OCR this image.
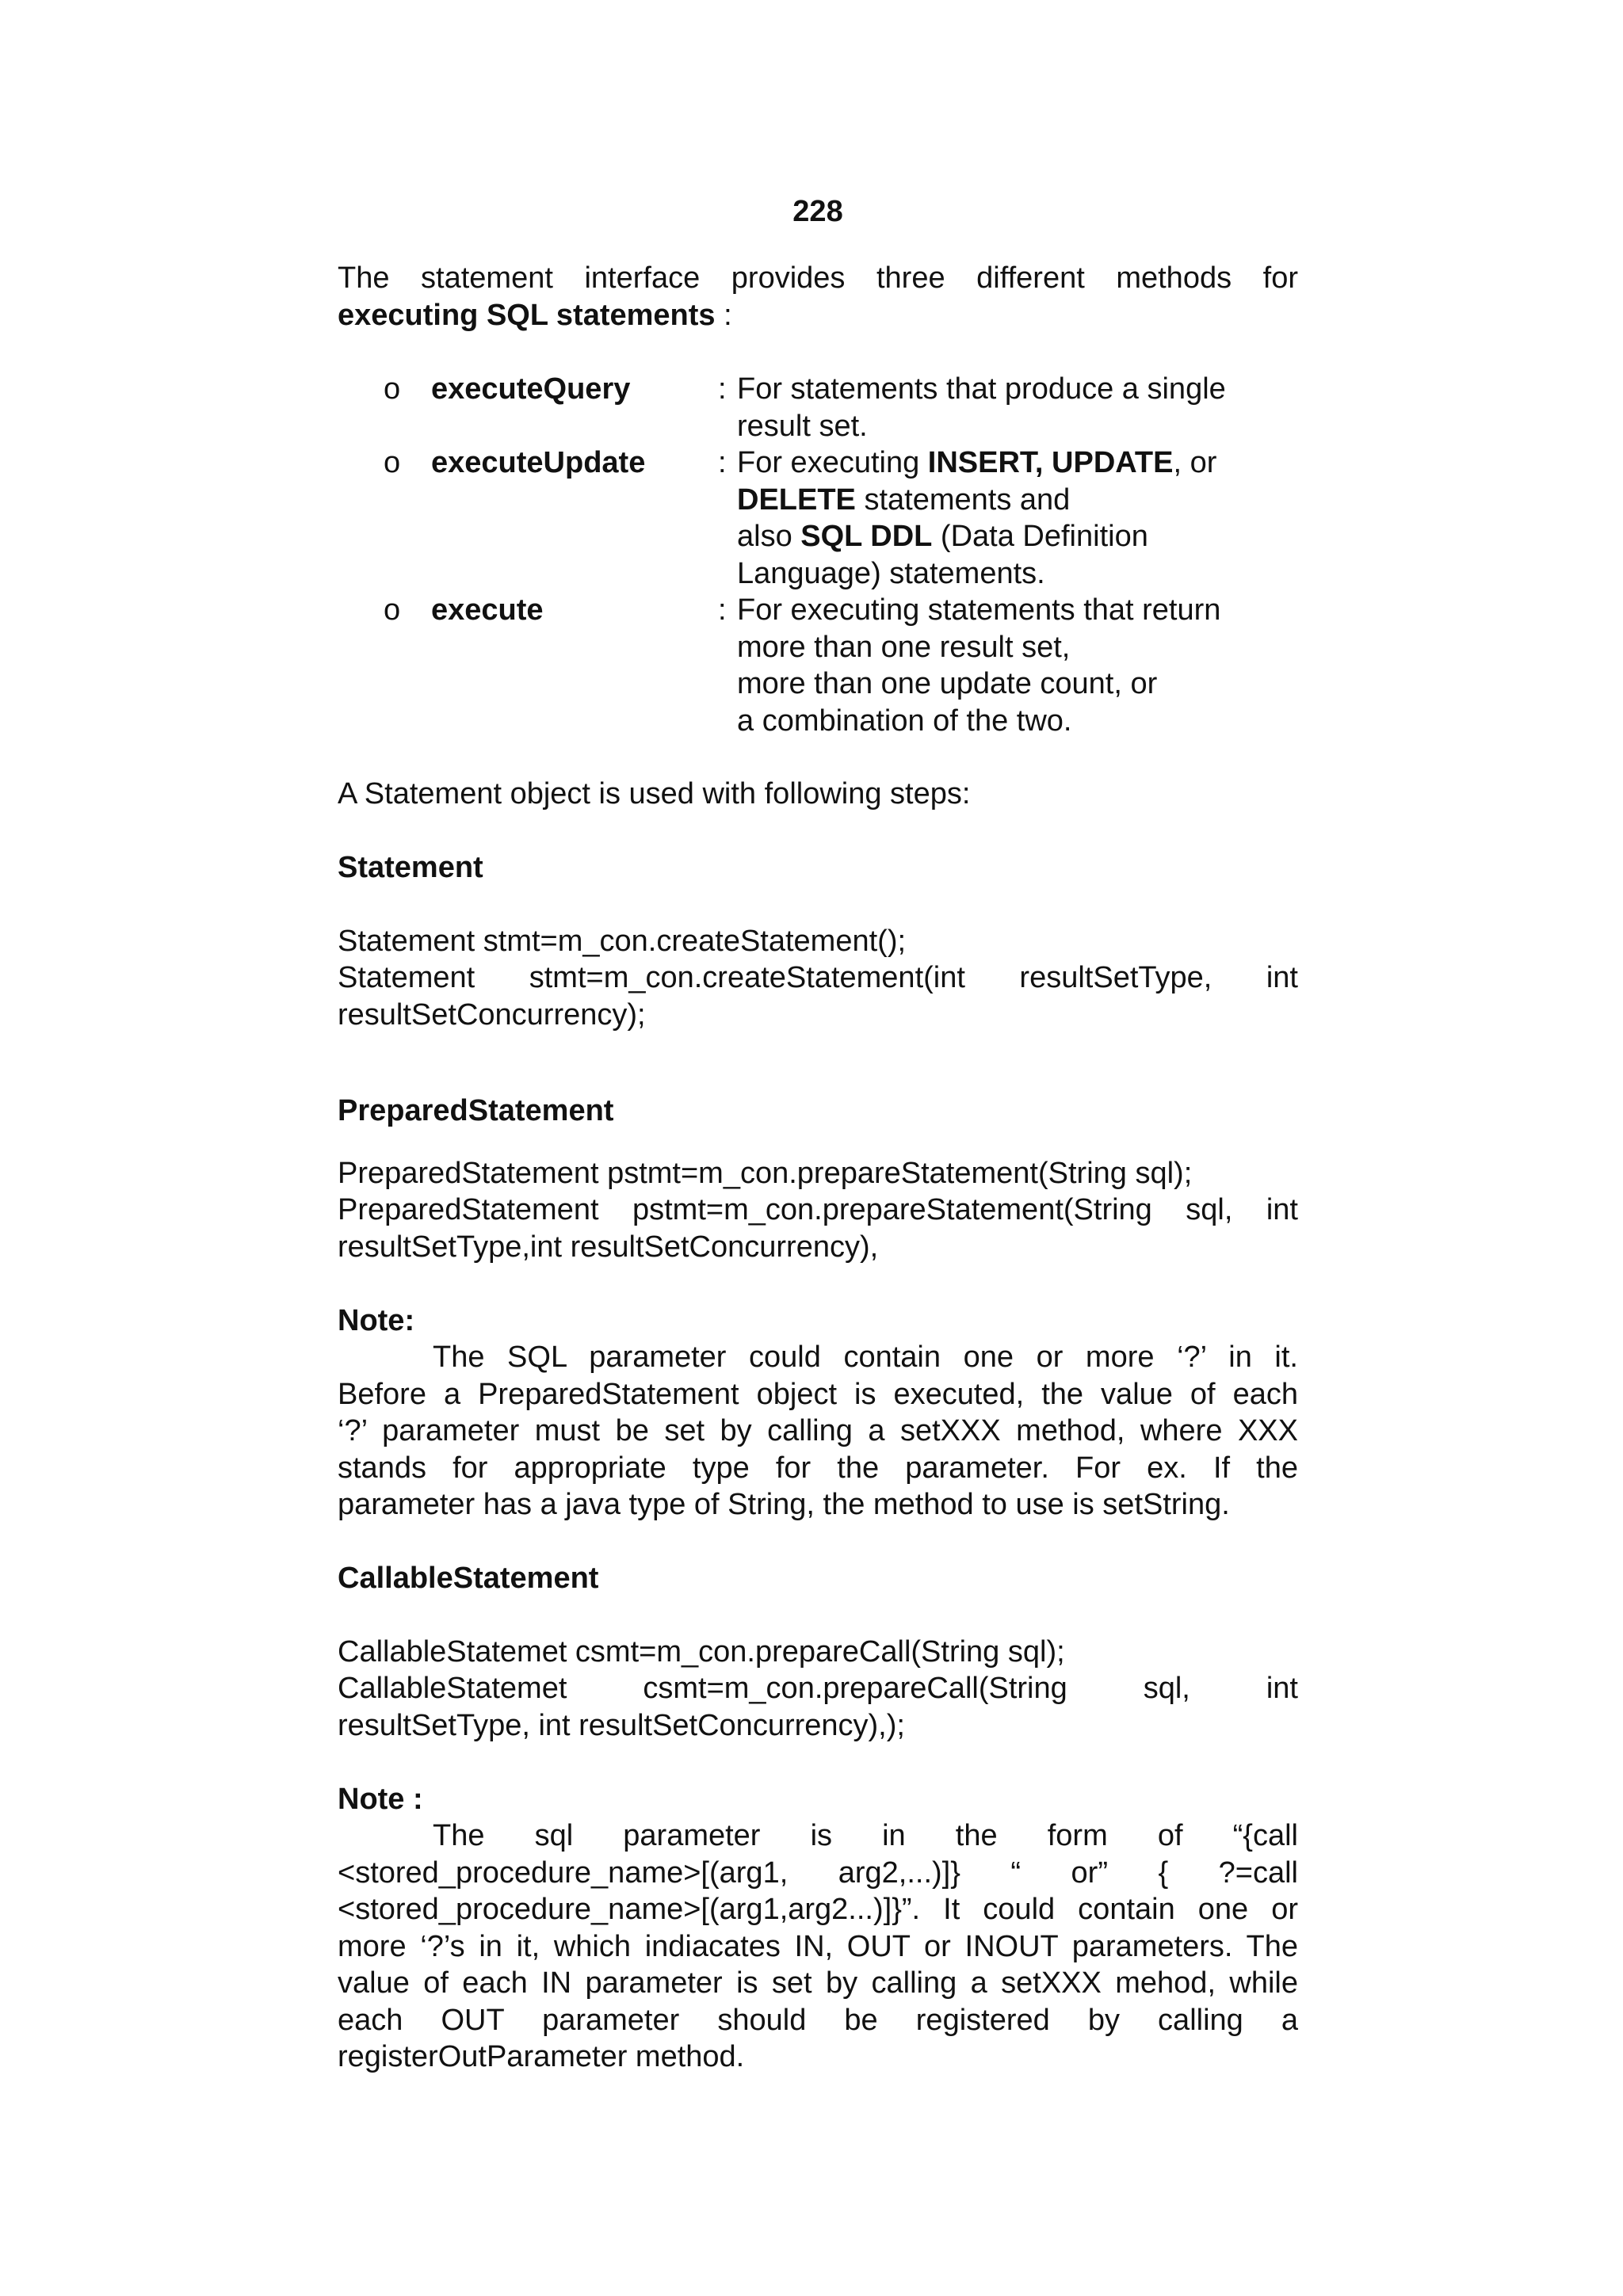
228
The statement interface provides three different methods for
executing SQL statements :
o executeQuery	: For statements that produce a single
result set.
o executeUpdate : For executing INSERT, UPDATE, or
DELETE statements and
also SQL DDL (Data Definition
Language) statements.
o execute	: For executing statements that return
more than one result set,
more than one update count, or
a combination of the two.
A Statement object is used with following steps:
Statement
Statement stmt=m_con.createStatement();
Statement stmt=m_con.createStatement(int resultSetType, int
resultSetConcurrency);
PreparedStatement
PreparedStatement pstmt=m_con.prepareStatement(String sql);
PreparedStatement pstmt=m_con.prepareStatement(String sql, int
resultSetType,int resultSetConcurrency),
Note:
The SQL parameter could contain one or more ‘?’ in it.
Before a PreparedStatement object is executed, the value of each
‘?’ parameter must be set by calling a setXXX method, where XXX
stands for appropriate type for the parameter. For ex. If the
parameter has a java type of String, the method to use is setString.
CallableStatement
CallableStatemet csmt=m_con.prepareCall(String sql);
CallableStatemet csmt=m_con.prepareCall(String sql, int
resultSetType, int resultSetConcurrency),);
Note :
The sql parameter is in the form of “{call
<stored_procedure_name>[(arg1, arg2,...)]} “ or” { ?=call
<stored_procedure_name>[(arg1,arg2...)]}”. It could contain one or
more ‘?’s in it, which indiacates IN, OUT or INOUT parameters. The
value of each IN parameter is set by calling a setXXX mehod, while
each OUT parameter should be registered by calling a
registerOutParameter method.
